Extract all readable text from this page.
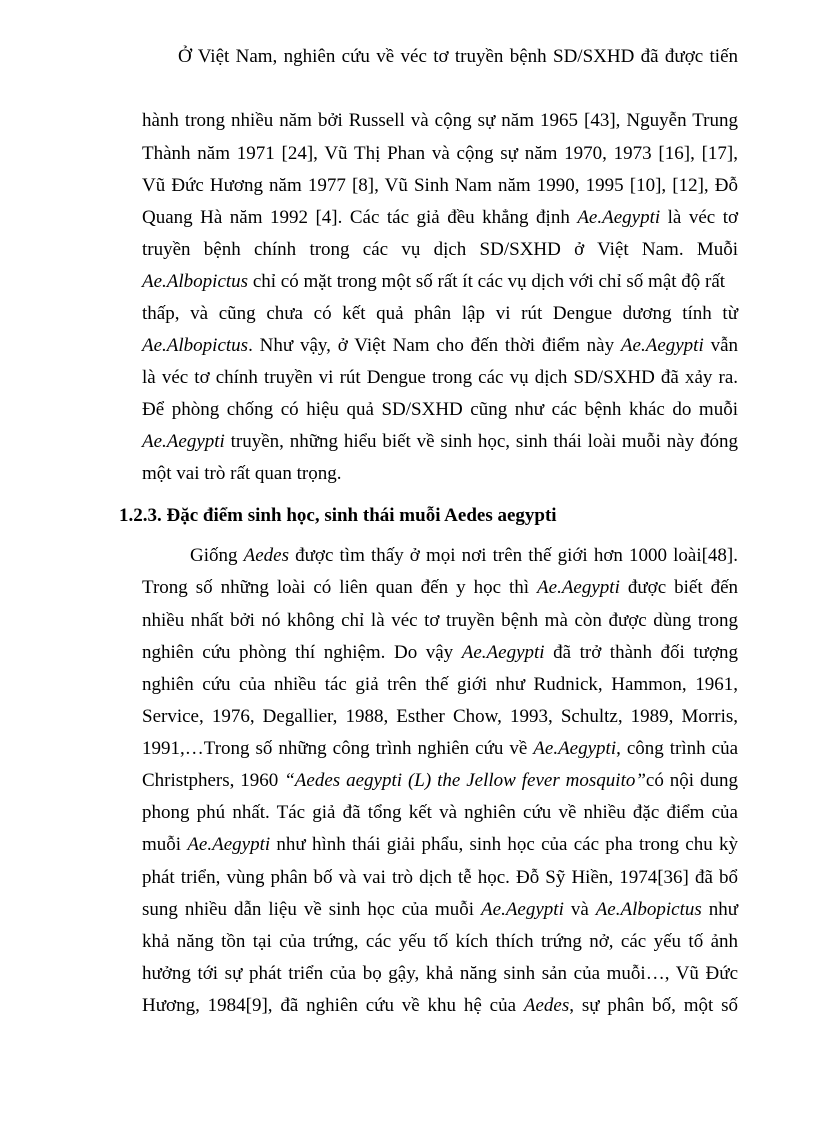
Ở Việt Nam, nghiên cứu về véc tơ truyền bệnh SD/SXHD đã được tiến
hành trong nhiều năm bởi Russell và cộng sự năm 1965 [43], Nguyễn Trung
Thành năm 1971 [24], Vũ Thị Phan và cộng sự năm 1970, 1973 [16], [17],
Vũ Đức Hương năm 1977 [8], Vũ Sinh Nam năm 1990, 1995 [10], [12], Đỗ
Quang Hà năm 1992 [4]. Các tác giả đều khẳng định Ae.Aegypti là véc tơ
truyền bệnh chính trong các vụ dịch SD/SXHD ở Việt Nam. Muỗi
Ae.Albopictus chỉ có mặt trong một số rất ít các vụ dịch với chỉ số mật độ rất
thấp, và cũng chưa có kết quả phân lập vi rút Dengue dương tính từ
Ae.Albopictus. Như vậy, ở Việt Nam cho đến thời điểm này Ae.Aegypti vẫn
là véc tơ chính truyền vi rút Dengue trong các vụ dịch SD/SXHD đã xảy ra.
Để phòng chống có hiệu quả SD/SXHD cũng như các bệnh khác do muỗi
Ae.Aegypti truyền, những hiểu biết về sinh học, sinh thái loài muỗi này đóng
một vai trò rất quan trọng.
1.2.3. Đặc điểm sinh học, sinh thái muỗi Aedes aegypti
Giống Aedes được tìm thấy ở mọi nơi trên thế giới hơn 1000 loài[48].
Trong số những loài có liên quan đến y học thì Ae.Aegypti được biết đến
nhiều nhất bởi nó không chỉ là véc tơ truyền bệnh mà còn được dùng trong
nghiên cứu phòng thí nghiệm. Do vậy Ae.Aegypti đã trở thành đối tượng
nghiên cứu của nhiều tác giả trên thế giới như Rudnick, Hammon, 1961,
Service, 1976, Degallier, 1988, Esther Chow, 1993, Schultz, 1989, Morris,
1991,…Trong số những công trình nghiên cứu về Ae.Aegypti, công trình của
Christphers, 1960 “Aedes aegypti (L) the Jellow fever mosquito”có nội dung
phong phú nhất. Tác giả đã tổng kết và nghiên cứu về nhiều đặc điểm của
muỗi Ae.Aegypti như hình thái giải phẩu, sinh học của các pha trong chu kỳ
phát triển, vùng phân bố và vai trò dịch tễ học. Đỗ Sỹ Hiền, 1974[36] đã bổ
sung nhiều dẫn liệu về sinh học của muỗi Ae.Aegypti và Ae.Albopictus như
khả năng tồn tại của trứng, các yếu tố kích thích trứng nở, các yếu tố ảnh
hưởng tới sự phát triển của bọ gậy, khả năng sinh sản của muỗi…, Vũ Đức
Hương, 1984[9], đã nghiên cứu về khu hệ của Aedes, sự phân bố, một số
